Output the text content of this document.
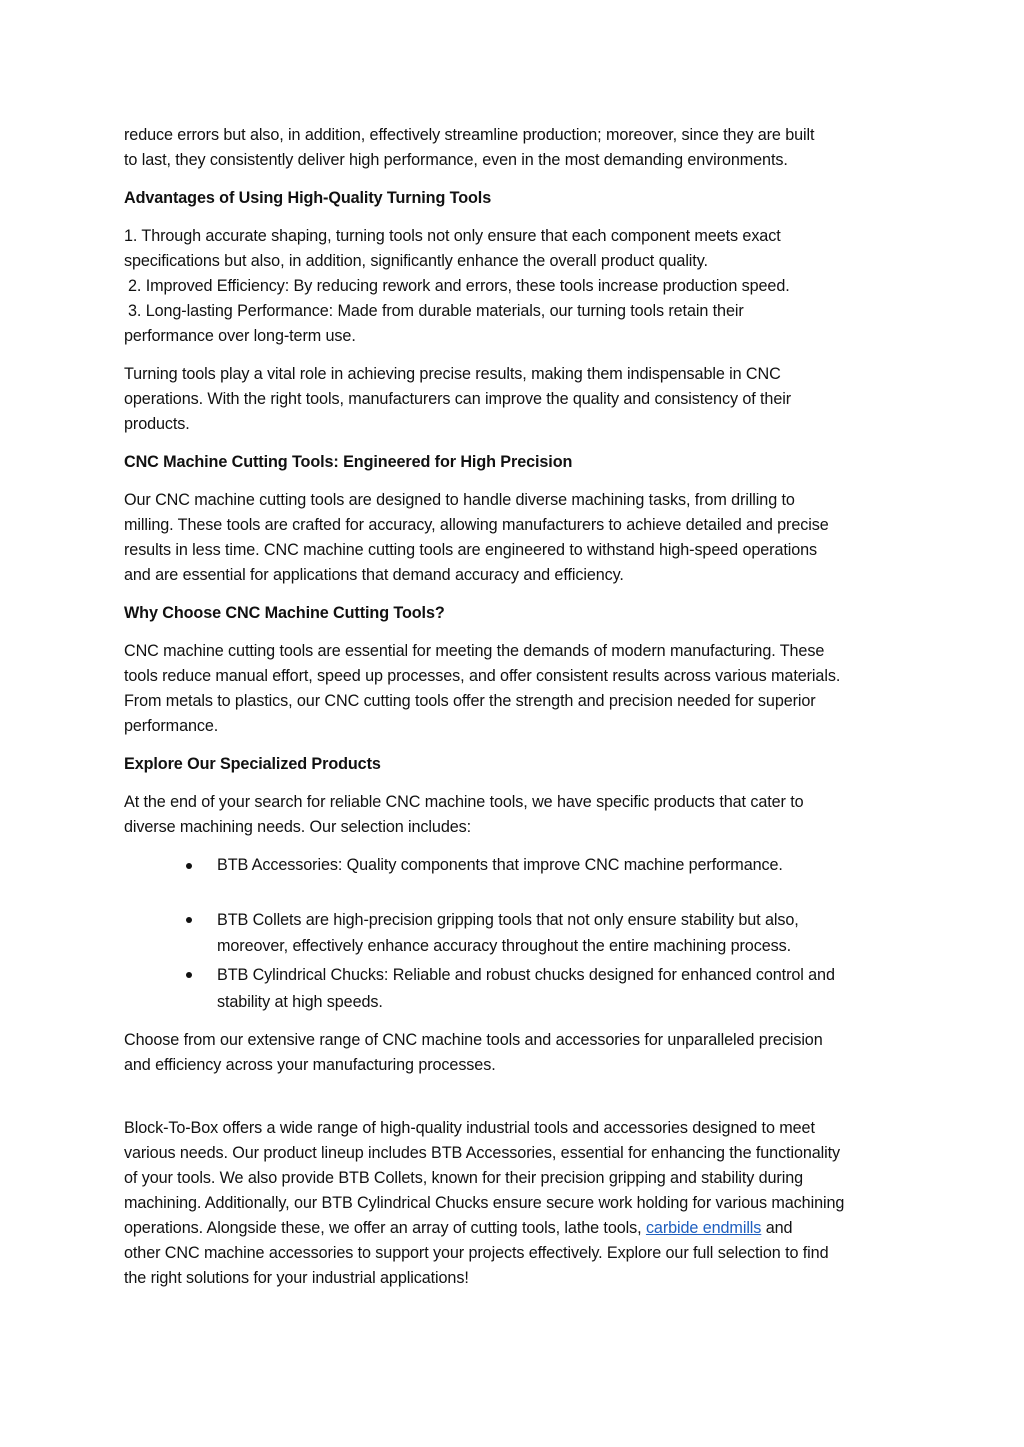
reduce errors but also, in addition, effectively streamline production; moreover, since they are built
to last, they consistently deliver high performance, even in the most demanding environments.

Advantages of Using High-Quality Turning Tools

1. Through accurate shaping, turning tools not only ensure that each component meets exact
specifications but also, in addition, significantly enhance the overall product quality.
2. Improved Efficiency: By reducing rework and errors, these tools increase production speed.
3. Long-lasting Performance: Made from durable materials, our turning tools retain their
performance over long-term use.

Turning tools play a vital role in achieving precise results, making them indispensable in CNC
operations. With the right tools, manufacturers can improve the quality and consistency of their
products.

CNC Machine Cutting Tools: Engineered for High Precision

Our CNC machine cutting tools are designed to handle diverse machining tasks, from drilling to
milling. These tools are crafted for accuracy, allowing manufacturers to achieve detailed and precise
results in less time. CNC machine cutting tools are engineered to withstand high-speed operations
and are essential for applications that demand accuracy and efficiency.

Why Choose CNC Machine Cutting Tools?

CNC machine cutting tools are essential for meeting the demands of modern manufacturing. These
tools reduce manual effort, speed up processes, and offer consistent results across various materials.
From metals to plastics, our CNC cutting tools offer the strength and precision needed for superior
performance.

Explore Our Specialized Products

At the end of your search for reliable CNC machine tools, we have specific products that cater to
diverse machining needs. Our selection includes:

BTB Accessories: Quality components that improve CNC machine performance.
BTB Collets are high-precision gripping tools that not only ensure stability but also,
moreover, effectively enhance accuracy throughout the entire machining process.
BTB Cylindrical Chucks: Reliable and robust chucks designed for enhanced control and
stability at high speeds.

Choose from our extensive range of CNC machine tools and accessories for unparalleled precision
and efficiency across your manufacturing processes.

Block-To-Box offers a wide range of high-quality industrial tools and accessories designed to meet
various needs. Our product lineup includes BTB Accessories, essential for enhancing the functionality
of your tools. We also provide BTB Collets, known for their precision gripping and stability during
machining. Additionally, our BTB Cylindrical Chucks ensure secure work holding for various machining
operations. Alongside these, we offer an array of cutting tools, lathe tools, carbide endmills and
other CNC machine accessories to support your projects effectively. Explore our full selection to find
the right solutions for your industrial applications!
